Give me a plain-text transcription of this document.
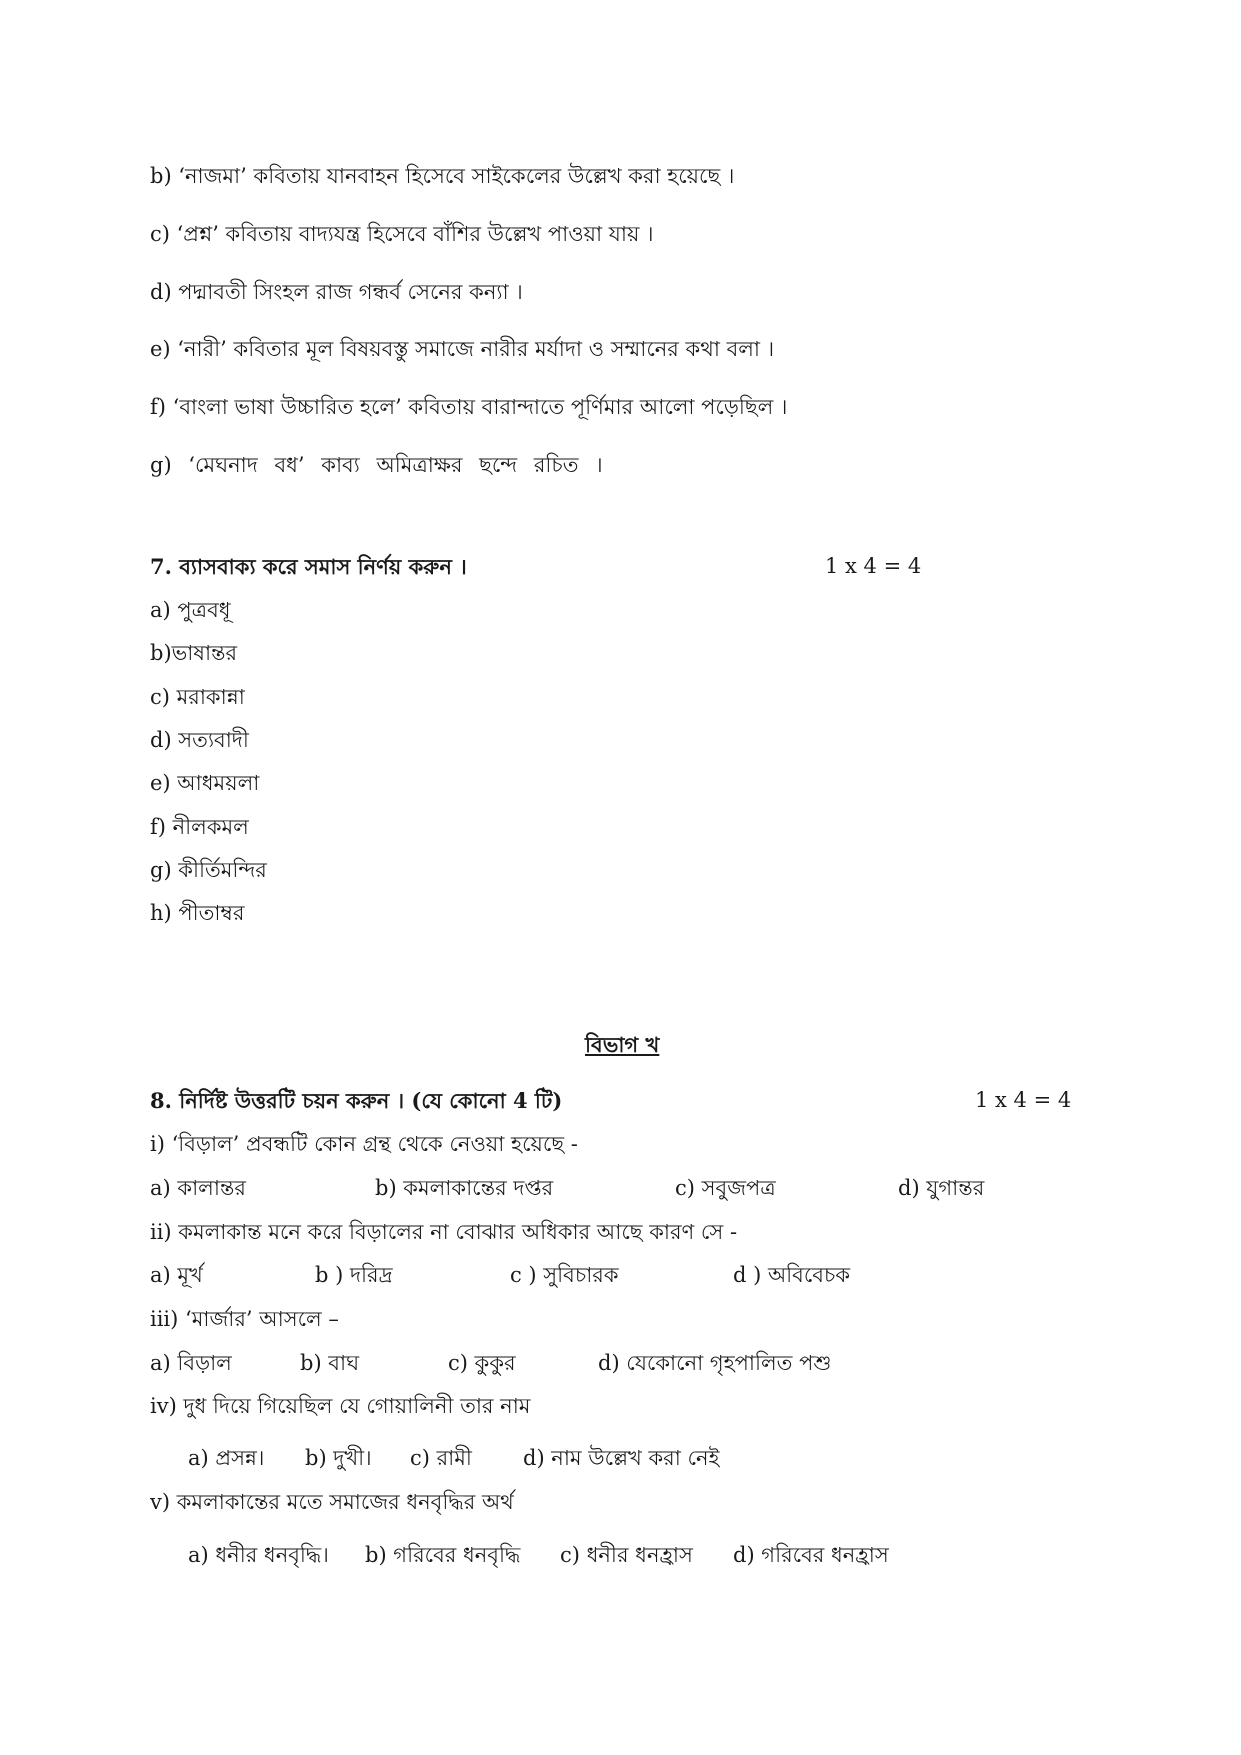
b) ‘নাজমা’ কবিতায় যানবাহন হিসেবে সাইকেলের উল্লেখ করা হয়েছে ।
c) ‘প্রশ্ন’ কবিতায় বাদ্যযন্ত্র হিসেবে বাঁশির উল্লেখ পাওয়া যায় ।
d) পদ্মাবতী সিংহল রাজ গন্ধর্ব সেনের কন্যা ।
e) ‘নারী’ কবিতার মূল বিষয়বস্তু সমাজে নারীর মর্যাদা ও সম্মানের কথা বলা ।
f) ‘বাংলা ভাষা উচ্চারিত হলে’ কবিতায় বারান্দাতে পূর্ণিমার আলো পড়েছিল ।
g) ‘মেঘনাদ বধ’ কাব্য অমিত্রাক্ষর ছন্দে রচিত ।
7. ব্যাসবাক্য করে সমাস নির্ণয় করুন ।	1 x 4 = 4
a) পুত্রবধূ
b)ভাষান্তর
c) মরাকান্না
d) সত্যবাদী
e) আধময়লা
f) নীলকমল
g) কীর্তিমন্দির
h) পীতাম্বর
বিভাগ খ
8. নির্দিষ্ট উত্তরটি চয়ন করুন । (যে কোনো 4 টি)	1 x 4 = 4
i) ‘বিড়াল’ প্রবন্ধটি কোন গ্রন্থ থেকে নেওয়া হয়েছে -
a) কালান্তর	b) কমলাকান্তের দপ্তর	c) সবুজপত্র	d) যুগান্তর
ii) কমলাকান্ত মনে করে বিড়ালের না বোঝার অধিকার আছে কারণ সে -
a) মূর্খ	b ) দরিদ্র	c ) সুবিচারক	d ) অবিবেচক
iii) ‘মার্জার’ আসলে –
a) বিড়াল	b) বাঘ	c) কুকুর	d) যেকোনো গৃহপালিত পশু
iv) দুধ দিয়ে গিয়েছিল যে গোয়ালিনী তার নাম
a) প্রসন্ন। b) দুখী। c) রামী d) নাম উল্লেখ করা নেই
v) কমলাকান্তের মতে সমাজের ধনবৃদ্ধির অর্থ
a) ধনীর ধনবৃদ্ধি। b) গরিবের ধনবৃদ্ধি c) ধনীর ধনহ্রাস d) গরিবের ধনহ্রাস
